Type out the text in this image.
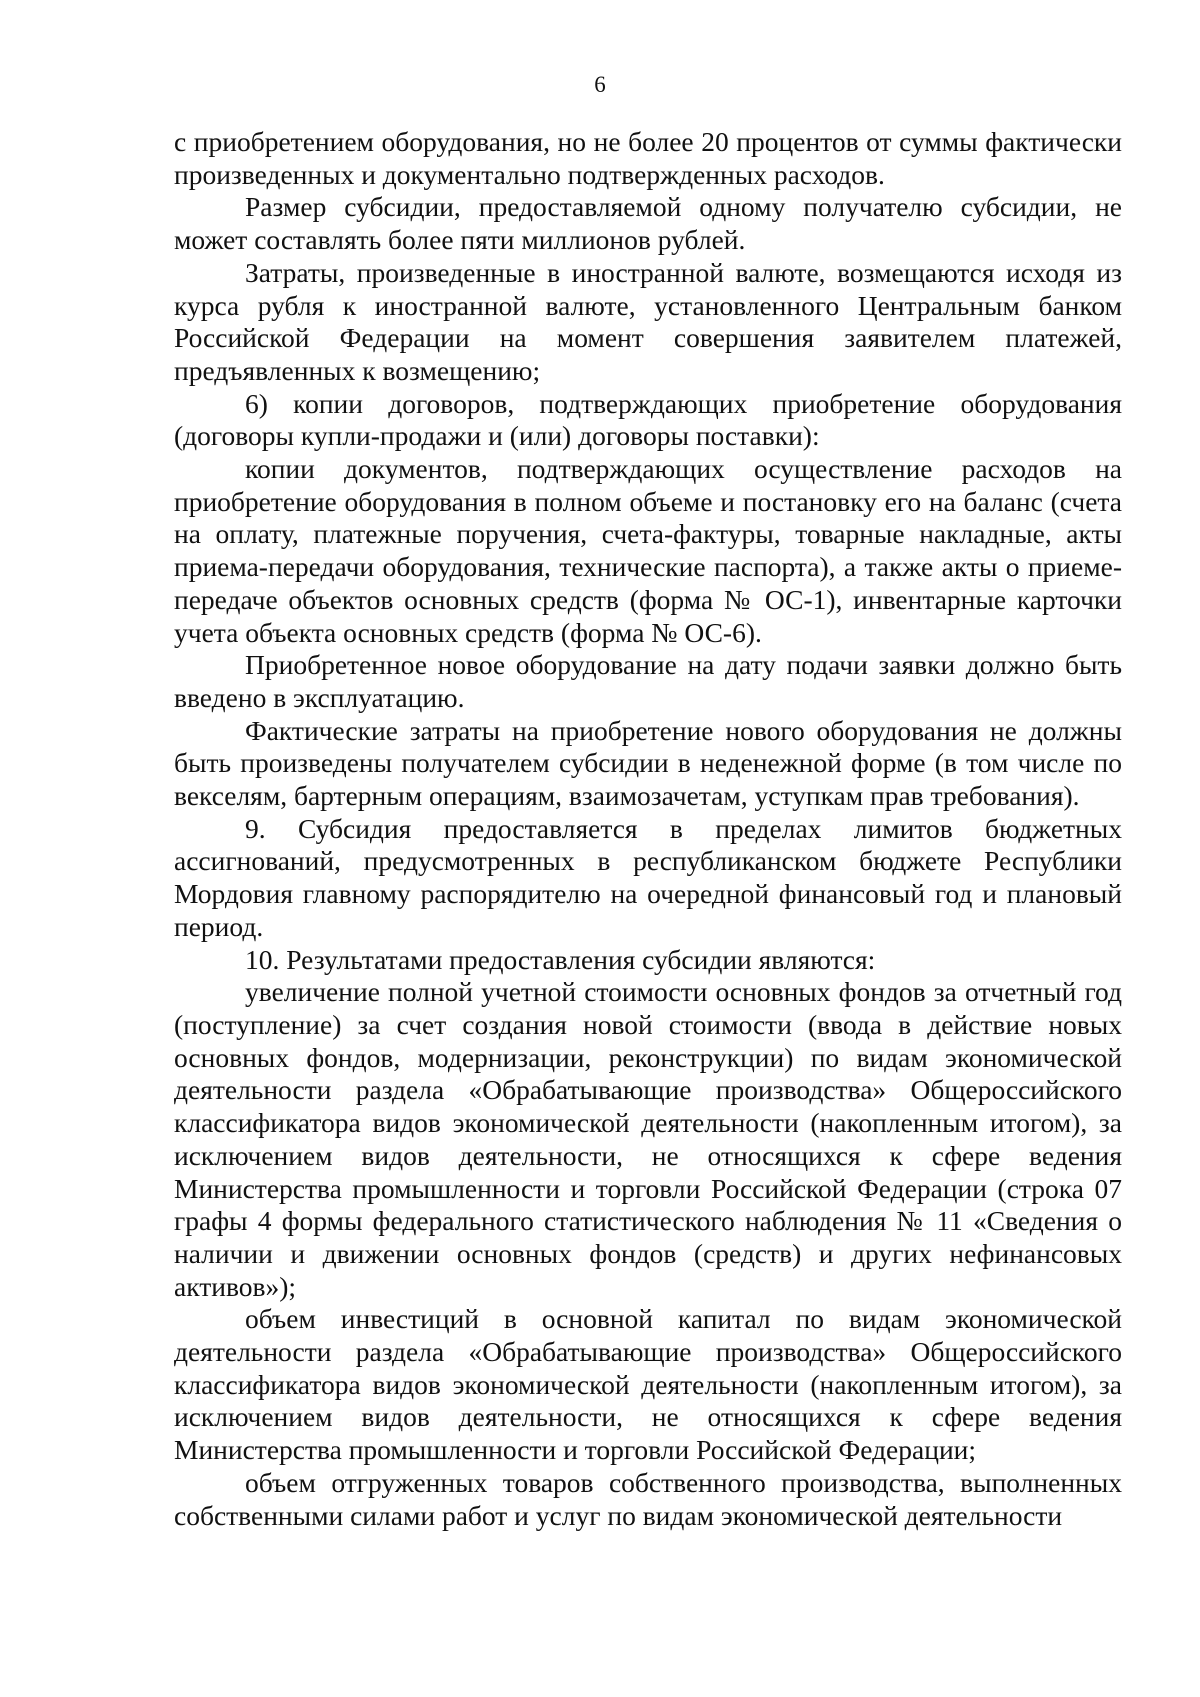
6

с приобретением оборудования, но не более 20 процентов от суммы фактически произведенных и документально подтвержденных расходов.

Размер субсидии, предоставляемой одному получателю субсидии, не может составлять более пяти миллионов рублей.

Затраты, произведенные в иностранной валюте, возмещаются исходя из курса рубля к иностранной валюте, установленного Центральным банком Российской Федерации на момент совершения заявителем платежей, предъявленных к возмещению;

6) копии договоров, подтверждающих приобретение оборудования (договоры купли-продажи и (или) договоры поставки):

копии документов, подтверждающих осуществление расходов на приобретение оборудования в полном объеме и постановку его на баланс (счета на оплату, платежные поручения, счета-фактуры, товарные накладные, акты приема-передачи оборудования, технические паспорта), а также акты о приеме-передаче объектов основных средств (форма № ОС-1), инвентарные карточки учета объекта основных средств (форма № ОС-6).

Приобретенное новое оборудование на дату подачи заявки должно быть введено в эксплуатацию.

Фактические затраты на приобретение нового оборудования не должны быть произведены получателем субсидии в неденежной форме (в том числе по векселям, бартерным операциям, взаимозачетам, уступкам прав требования).

9. Субсидия предоставляется в пределах лимитов бюджетных ассигнований, предусмотренных в республиканском бюджете Республики Мордовия главному распорядителю на очередной финансовый год и плановый период.

10. Результатами предоставления субсидии являются:

увеличение полной учетной стоимости основных фондов за отчетный год (поступление) за счет создания новой стоимости (ввода в действие новых основных фондов, модернизации, реконструкции) по видам экономической деятельности раздела «Обрабатывающие производства» Общероссийского классификатора видов экономической деятельности (накопленным итогом), за исключением видов деятельности, не относящихся к сфере ведения Министерства промышленности и торговли Российской Федерации (строка 07 графы 4 формы федерального статистического наблюдения № 11 «Сведения о наличии и движении основных фондов (средств) и других нефинансовых активов»);

объем инвестиций в основной капитал по видам экономической деятельности раздела «Обрабатывающие производства» Общероссийского классификатора видов экономической деятельности (накопленным итогом), за исключением видов деятельности, не относящихся к сфере ведения Министерства промышленности и торговли Российской Федерации;

объем отгруженных товаров собственного производства, выполненных собственными силами работ и услуг по видам экономической деятельности
